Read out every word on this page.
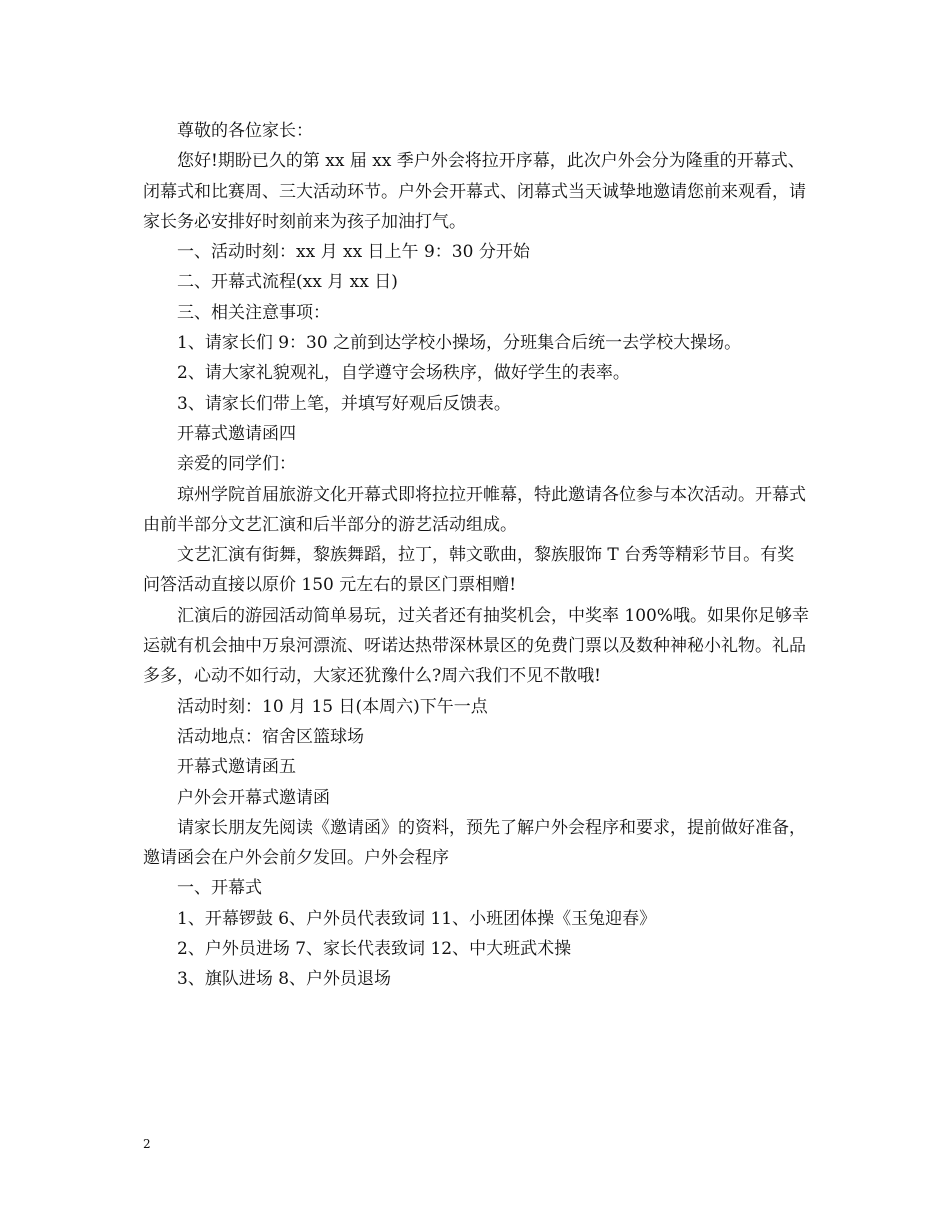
尊敬的各位家长：

您好!期盼已久的第 xx 届 xx 季户外会将拉开序幕，此次户外会分为隆重的开幕式、闭幕式和比赛周、三大活动环节。户外会开幕式、闭幕式当天诚挚地邀请您前来观看，请家长务必安排好时刻前来为孩子加油打气。

一、活动时刻：xx 月 xx 日上午 9：30 分开始

二、开幕式流程(xx 月 xx 日)

三、相关注意事项：

1、请家长们 9：30 之前到达学校小操场，分班集合后统一去学校大操场。

2、请大家礼貌观礼，自学遵守会场秩序，做好学生的表率。

3、请家长们带上笔，并填写好观后反馈表。

开幕式邀请函四

亲爱的同学们：

琼州学院首届旅游文化开幕式即将拉拉开帷幕，特此邀请各位参与本次活动。开幕式由前半部分文艺汇演和后半部分的游艺活动组成。

文艺汇演有街舞，黎族舞蹈，拉丁，韩文歌曲，黎族服饰 T 台秀等精彩节目。有奖问答活动直接以原价 150 元左右的景区门票相赠!

汇演后的游园活动简单易玩，过关者还有抽奖机会，中奖率 100%哦。如果你足够幸运就有机会抽中万泉河漂流、呀诺达热带深林景区的免费门票以及数种神秘小礼物。礼品多多，心动不如行动，大家还犹豫什么?周六我们不见不散哦!

活动时刻：10 月 15 日(本周六)下午一点

活动地点：宿舍区篮球场

开幕式邀请函五

户外会开幕式邀请函

请家长朋友先阅读《邀请函》的资料，预先了解户外会程序和要求，提前做好准备，邀请函会在户外会前夕发回。户外会程序

一、开幕式

1、开幕锣鼓 6、户外员代表致词 11、小班团体操《玉兔迎春》

2、户外员进场 7、家长代表致词 12、中大班武术操

3、旗队进场 8、户外员退场

2
